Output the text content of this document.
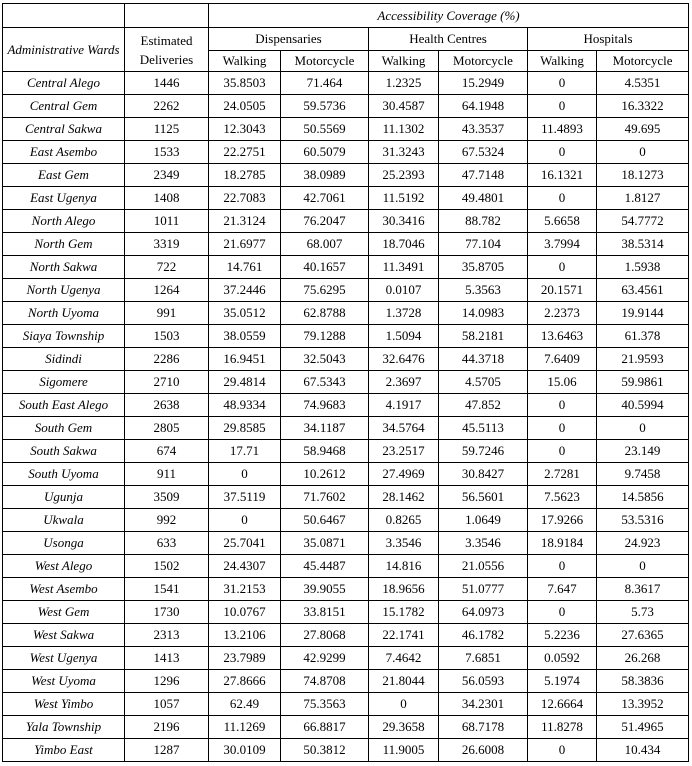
		Accessibility Coverage (%)					
Administrative Wards	Estimated Deliveries	Dispensaries		Health Centres		Hospitals	
		Walking	Motorcycle	Walking	Motorcycle	Walking	Motorcycle
Central Alego	1446	35.8503	71.464	1.2325	15.2949	0	4.5351
Central Gem	2262	24.0505	59.5736	30.4587	64.1948	0	16.3322
Central Sakwa	1125	12.3043	50.5569	11.1302	43.3537	11.4893	49.695
East Asembo	1533	22.2751	60.5079	31.3243	67.5324	0	0
East Gem	2349	18.2785	38.0989	25.2393	47.7148	16.1321	18.1273
East Ugenya	1408	22.7083	42.7061	11.5192	49.4801	0	1.8127
North Alego	1011	21.3124	76.2047	30.3416	88.782	5.6658	54.7772
North Gem	3319	21.6977	68.007	18.7046	77.104	3.7994	38.5314
North Sakwa	722	14.761	40.1657	11.3491	35.8705	0	1.5938
North Ugenya	1264	37.2446	75.6295	0.0107	5.3563	20.1571	63.4561
North Uyoma	991	35.0512	62.8788	1.3728	14.0983	2.2373	19.9144
Siaya Township	1503	38.0559	79.1288	1.5094	58.2181	13.6463	61.378
Sidindi	2286	16.9451	32.5043	32.6476	44.3718	7.6409	21.9593
Sigomere	2710	29.4814	67.5343	2.3697	4.5705	15.06	59.9861
South East Alego	2638	48.9334	74.9683	4.1917	47.852	0	40.5994
South Gem	2805	29.8585	34.1187	34.5764	45.5113	0	0
South Sakwa	674	17.71	58.9468	23.2517	59.7246	0	23.149
South Uyoma	911	0	10.2612	27.4969	30.8427	2.7281	9.7458
Ugunja	3509	37.5119	71.7602	28.1462	56.5601	7.5623	14.5856
Ukwala	992	0	50.6467	0.8265	1.0649	17.9266	53.5316
Usonga	633	25.7041	35.0871	3.3546	3.3546	18.9184	24.923
West Alego	1502	24.4307	45.4487	14.816	21.0556	0	0
West Asembo	1541	31.2153	39.9055	18.9656	51.0777	7.647	8.3617
West Gem	1730	10.0767	33.8151	15.1782	64.0973	0	5.73
West Sakwa	2313	13.2106	27.8068	22.1741	46.1782	5.2236	27.6365
West Ugenya	1413	23.7989	42.9299	7.4642	7.6851	0.0592	26.268
West Uyoma	1296	27.8666	74.8708	21.8044	56.0593	5.1974	58.3836
West Yimbo	1057	62.49	75.3563	0	34.2301	12.6664	13.3952
Yala Township	2196	11.1269	66.8817	29.3658	68.7178	11.8278	51.4965
Yimbo East	1287	30.0109	50.3812	11.9005	26.6008	0	10.434
